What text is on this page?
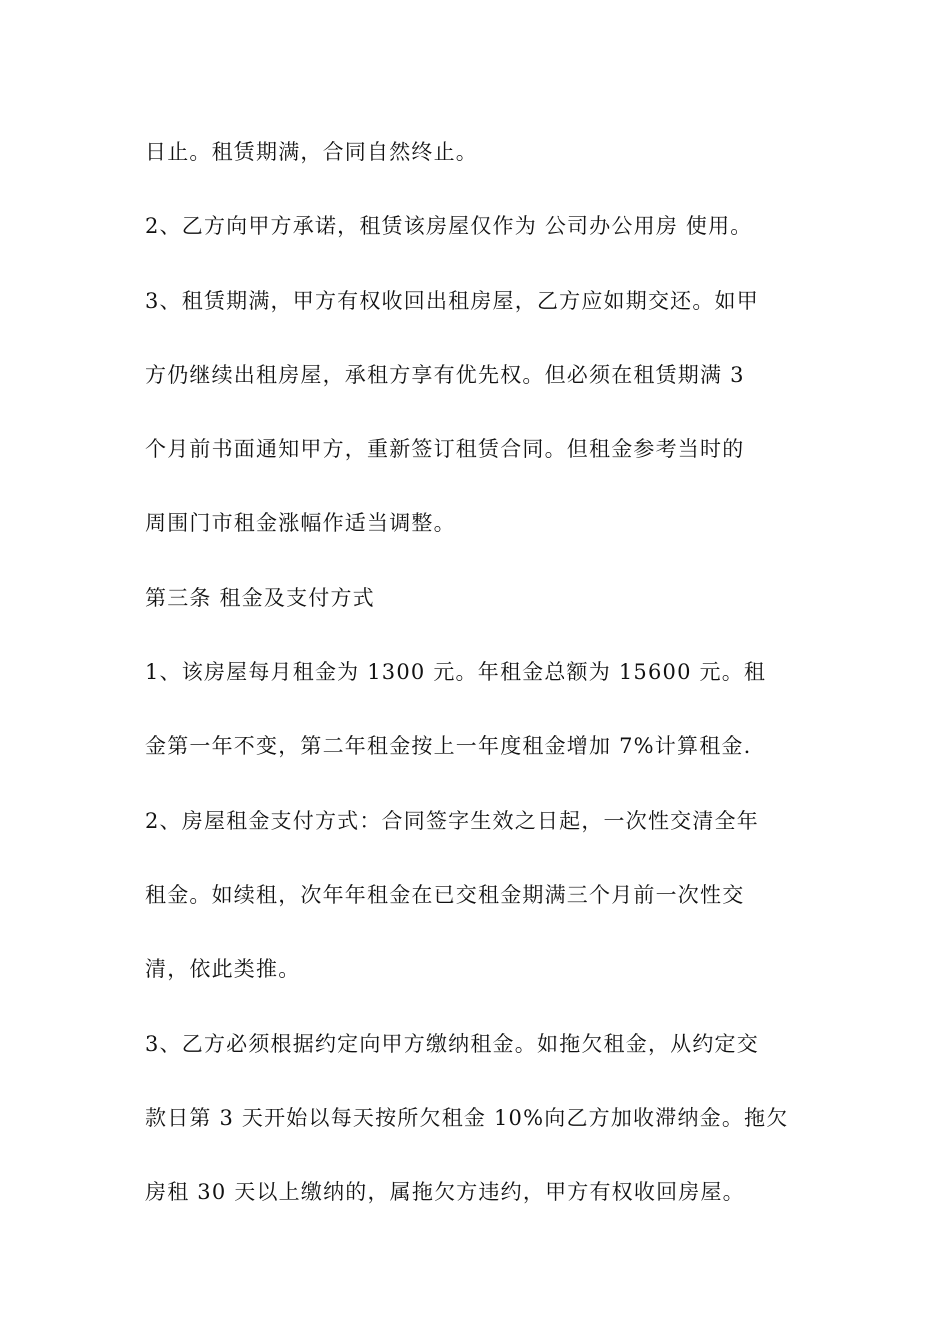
日止。租赁期满，合同自然终止。
2、乙方向甲方承诺，租赁该房屋仅作为 公司办公用房 使用。
3、租赁期满，甲方有权收回出租房屋，乙方应如期交还。如甲
方仍继续出租房屋，承租方享有优先权。但必须在租赁期满 3
个月前书面通知甲方，重新签订租赁合同。但租金参考当时的
周围门市租金涨幅作适当调整。
第三条 租金及支付方式
1、该房屋每月租金为 1300 元。年租金总额为 15600 元。租
金第一年不变，第二年租金按上一年度租金增加 7%计算租金.
2、房屋租金支付方式：合同签字生效之日起，一次性交清全年
租金。如续租，次年年租金在已交租金期满三个月前一次性交
清，依此类推。
3、乙方必须根据约定向甲方缴纳租金。如拖欠租金，从约定交
款日第 3 天开始以每天按所欠租金 10%向乙方加收滞纳金。拖欠
房租 30 天以上缴纳的，属拖欠方违约，甲方有权收回房屋。
